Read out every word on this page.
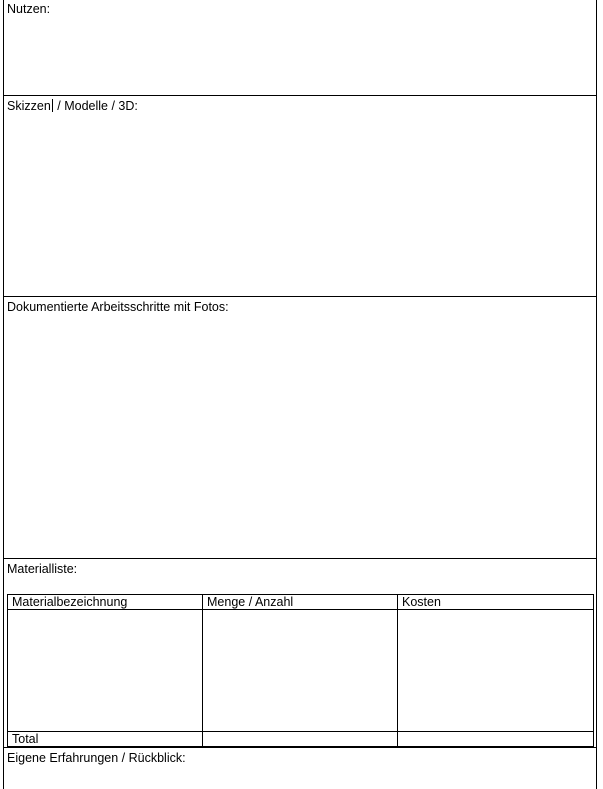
Nutzen:
Skizzen / Modelle / 3D:
Dokumentierte Arbeitsschritte mit Fotos:
Materialliste:
Materialbezeichnung	Menge / Anzahl	Kosten

Total		
Eigene Erfahrungen / Rückblick:
